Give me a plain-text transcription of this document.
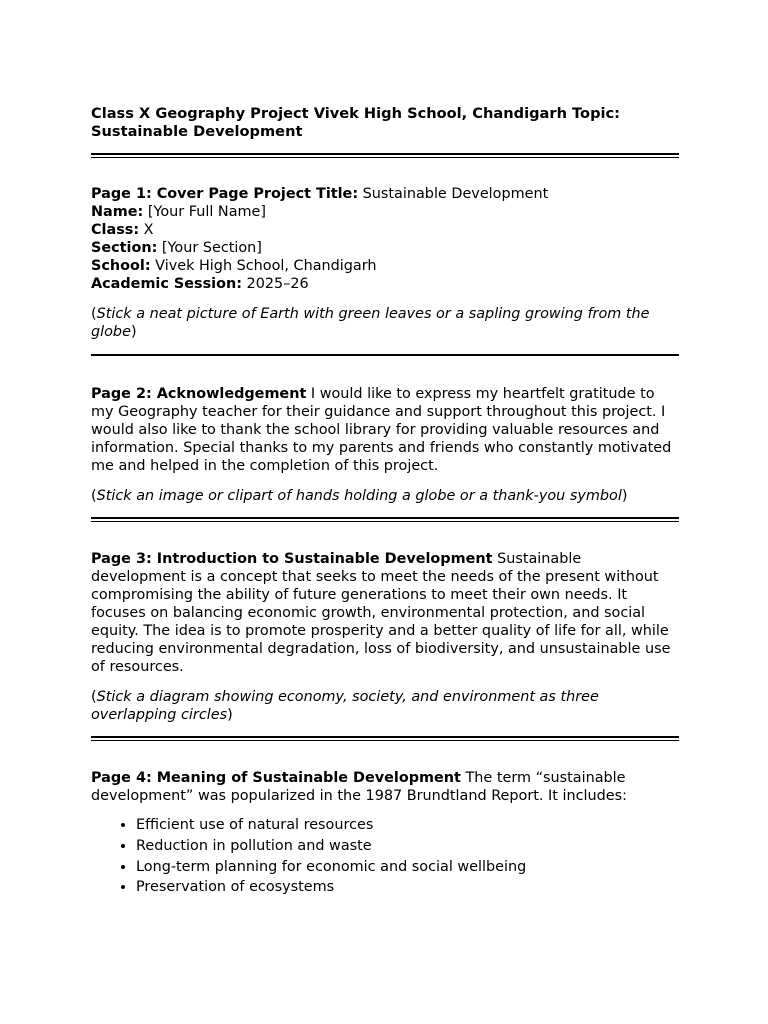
Class X Geography Project Vivek High School, Chandigarh Topic: Sustainable Development

Page 1: Cover Page Project Title: Sustainable Development

Name: [Your Full Name]

Class: X

Section: [Your Section]

School: Vivek High School, Chandigarh

Academic Session: 2025–26

(Stick a neat picture of Earth with green leaves or a sapling growing from the globe)

Page 2: Acknowledgement I would like to express my heartfelt gratitude to my Geography teacher for their guidance and support throughout this project. I would also like to thank the school library for providing valuable resources and information. Special thanks to my parents and friends who constantly motivated me and helped in the completion of this project.

(Stick an image or clipart of hands holding a globe or a thank-you symbol)

Page 3: Introduction to Sustainable Development Sustainable development is a concept that seeks to meet the needs of the present without compromising the ability of future generations to meet their own needs. It focuses on balancing economic growth, environmental protection, and social equity. The idea is to promote prosperity and a better quality of life for all, while reducing environmental degradation, loss of biodiversity, and unsustainable use of resources.

(Stick a diagram showing economy, society, and environment as three overlapping circles)

Page 4: Meaning of Sustainable Development The term “sustainable development” was popularized in the 1987 Brundtland Report. It includes:

• Efficient use of natural resources
• Reduction in pollution and waste
• Long-term planning for economic and social wellbeing
• Preservation of ecosystems
